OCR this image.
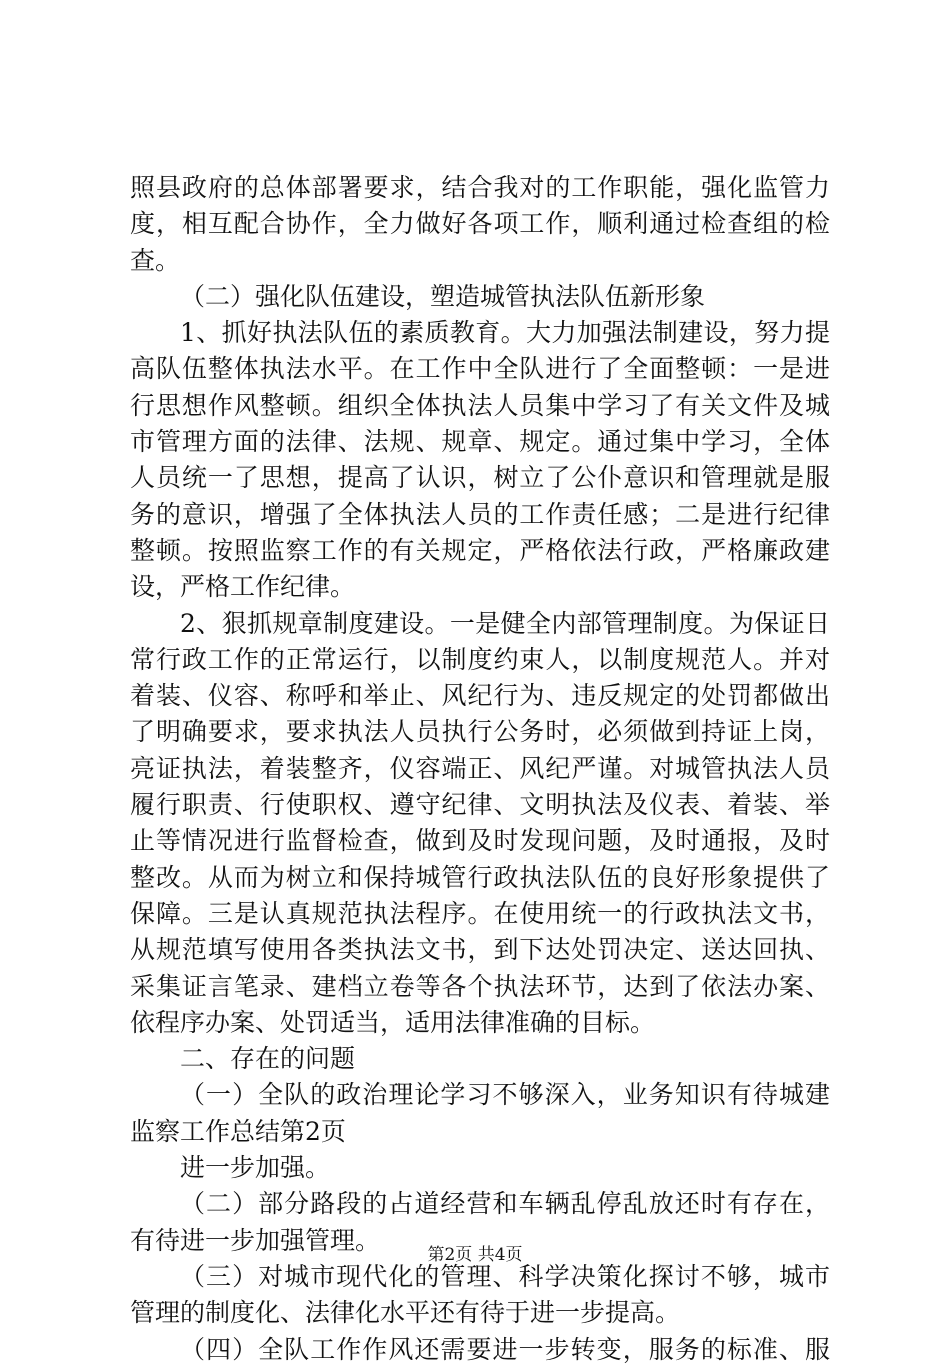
照县政府的总体部署要求，结合我对的工作职能，强化监管力
度，相互配合协作，全力做好各项工作，顺利通过检查组的检
查。
（二）强化队伍建设，塑造城管执法队伍新形象
1、抓好执法队伍的素质教育。大力加强法制建设，努力提
高队伍整体执法水平。在工作中全队进行了全面整顿：一是进
行思想作风整顿。组织全体执法人员集中学习了有关文件及城
市管理方面的法律、法规、规章、规定。通过集中学习，全体
人员统一了思想，提高了认识，树立了公仆意识和管理就是服
务的意识，增强了全体执法人员的工作责任感；二是进行纪律
整顿。按照监察工作的有关规定，严格依法行政，严格廉政建
设，严格工作纪律。
2、狠抓规章制度建设。一是健全内部管理制度。为保证日
常行政工作的正常运行，以制度约束人，以制度规范人。并对
着装、仪容、称呼和举止、风纪行为、违反规定的处罚都做出
了明确要求，要求执法人员执行公务时，必须做到持证上岗，
亮证执法，着装整齐，仪容端正、风纪严谨。对城管执法人员
履行职责、行使职权、遵守纪律、文明执法及仪表、着装、举
止等情况进行监督检查，做到及时发现问题，及时通报，及时
整改。从而为树立和保持城管行政执法队伍的良好形象提供了
保障。三是认真规范执法程序。在使用统一的行政执法文书，
从规范填写使用各类执法文书，到下达处罚决定、送达回执、
采集证言笔录、建档立卷等各个执法环节，达到了依法办案、
依程序办案、处罚适当，适用法律准确的目标。
二、存在的问题
（一）全队的政治理论学习不够深入，业务知识有待城建
监察工作总结第2页
进一步加强。
（二）部分路段的占道经营和车辆乱停乱放还时有存在，
有待进一步加强管理。
（三）对城市现代化的管理、科学决策化探讨不够，城市
管理的制度化、法律化水平还有待于进一步提高。
（四）全队工作作风还需要进一步转变，服务的标准、服
第2页 共4页
